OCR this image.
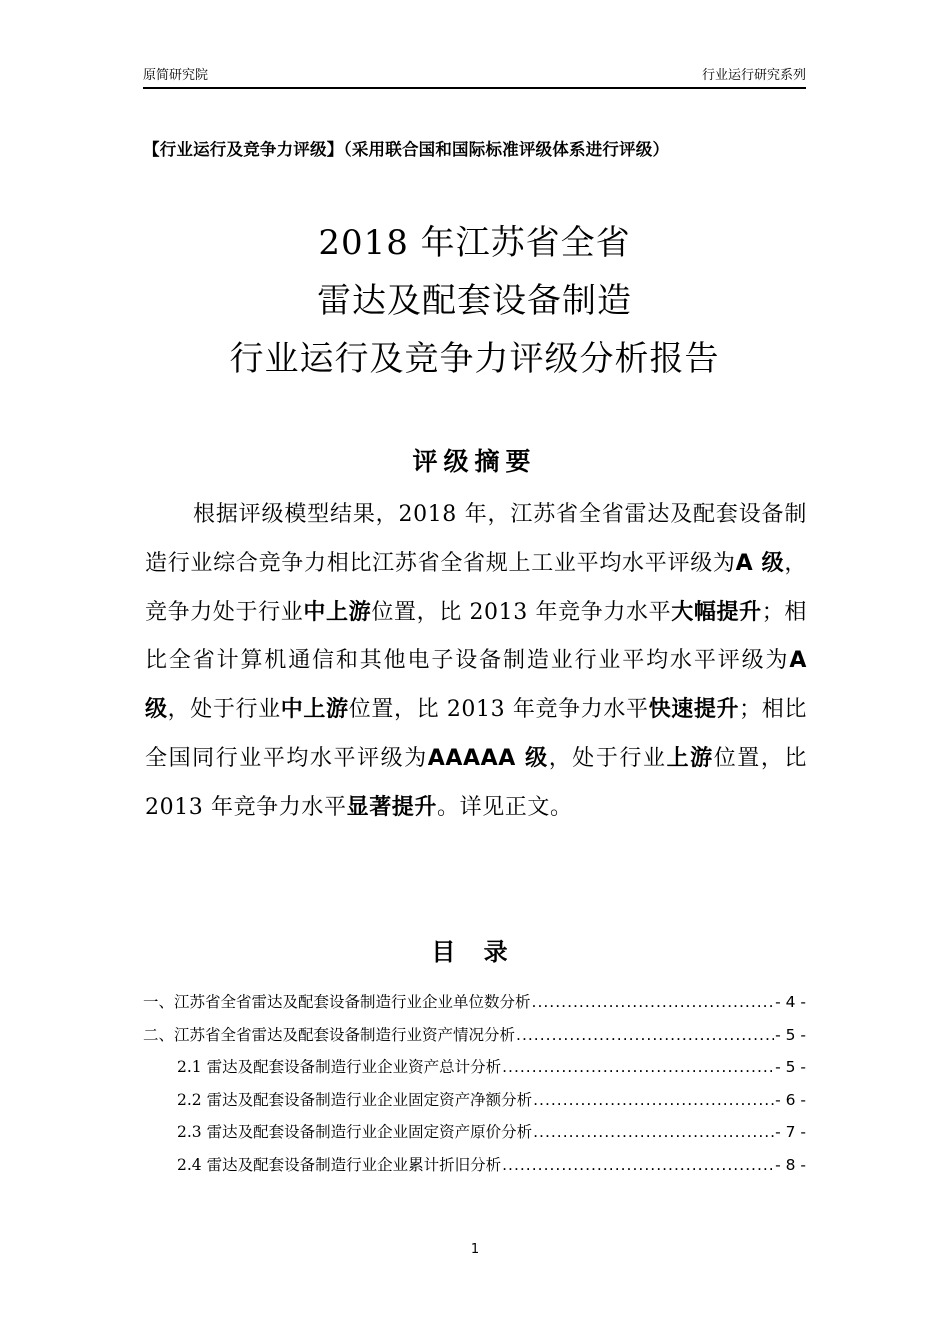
原简研究院	行业运行研究系列
【行业运行及竞争力评级】（采用联合国和国际标准评级体系进行评级）
2018 年江苏省全省
雷达及配套设备制造
行业运行及竞争力评级分析报告
评级摘要
根据评级模型结果，2018 年，江苏省全省雷达及配套设备制造行业综合竞争力相比江苏省全省规上工业平均水平评级为A 级，竞争力处于行业中上游位置，比 2013 年竞争力水平大幅提升；相比全省计算机通信和其他电子设备制造业行业平均水平评级为A 级，处于行业中上游位置，比 2013 年竞争力水平快速提升；相比全国同行业平均水平评级为AAAAA 级，处于行业上游位置，比 2013 年竞争力水平显著提升。详见正文。
目 录
一、江苏省全省雷达及配套设备制造行业企业单位数分析 .....	- 4 -
二、江苏省全省雷达及配套设备制造行业资产情况分析 .....	- 5 -
2.1 雷达及配套设备制造行业企业资产总计分析 .....	- 5 -
2.2 雷达及配套设备制造行业企业固定资产净额分析 .....	- 6 -
2.3 雷达及配套设备制造行业企业固定资产原价分析 .....	- 7 -
2.4 雷达及配套设备制造行业企业累计折旧分析 .....	- 8 -
1
